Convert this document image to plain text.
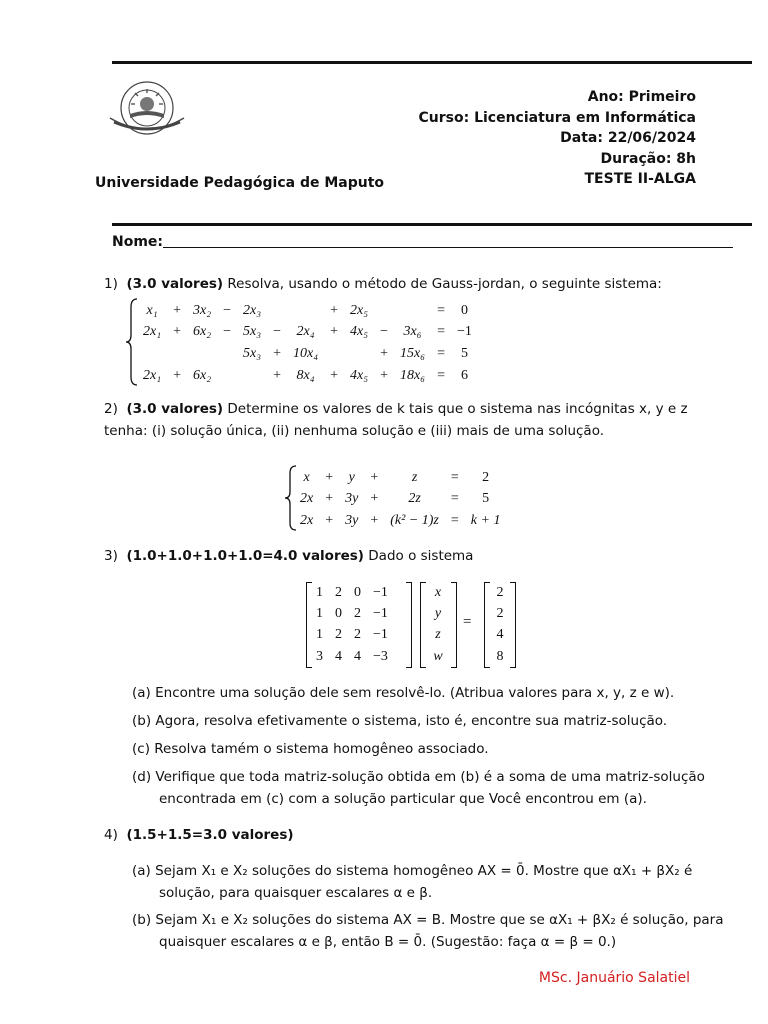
Universidade Pedagógica de Maputo
Ano: Primeiro
Curso: Licenciatura em Informática
Data: 22/06/2024
Duração: 8h
TESTE II-ALGA
Nome:
1) (3.0 valores) Resolva, usando o método de Gauss-jordan, o seguinte sistema:
x₁	+	3x₂	−	2x₃			+	2x₅			=	0
2x₁	+	6x₂	−	5x₃	−	2x₄	+	4x₅	−	3x₆	=	−1
				5x₃	+	10x₄			+	15x₆	=	5
2x₁	+	6x₂			+	8x₄	+	4x₅	+	18x₆	=	6
2) (3.0 valores) Determine os valores de k tais que o sistema nas incógnitas x, y e z tenha: (i) solução única, (ii) nenhuma solução e (iii) mais de uma solução.
x	+	y	+	z	=	2
2x	+	3y	+	2z	=	5
2x	+	3y	+	(k² − 1)z	=	k + 1
3) (1.0+1.0+1.0+1.0=4.0 valores) Dado o sistema
1	2	0	−1
1	0	2	−1
1	2	2	−1
3	4	4	−3
x
y
z
w
=
2
2
4
8
(a) Encontre uma solução dele sem resolvê-lo. (Atribua valores para x, y, z e w).
(b) Agora, resolva efetivamente o sistema, isto é, encontre sua matriz-solução.
(c) Resolva tamém o sistema homogêneo associado.
(d) Verifique que toda matriz-solução obtida em (b) é a soma de uma matriz-solução encontrada em (c) com a solução particular que Você encontrou em (a).
4) (1.5+1.5=3.0 valores)
(a) Sejam X₁ e X₂ soluções do sistema homogêneo AX = 0̄. Mostre que αX₁ + βX₂ é solução, para quaisquer escalares α e β.
(b) Sejam X₁ e X₂ soluções do sistema AX = B. Mostre que se αX₁ + βX₂ é solução, para quaisquer escalares α e β, então B = 0̄. (Sugestão: faça α = β = 0.)
MSc. Januário Salatiel
